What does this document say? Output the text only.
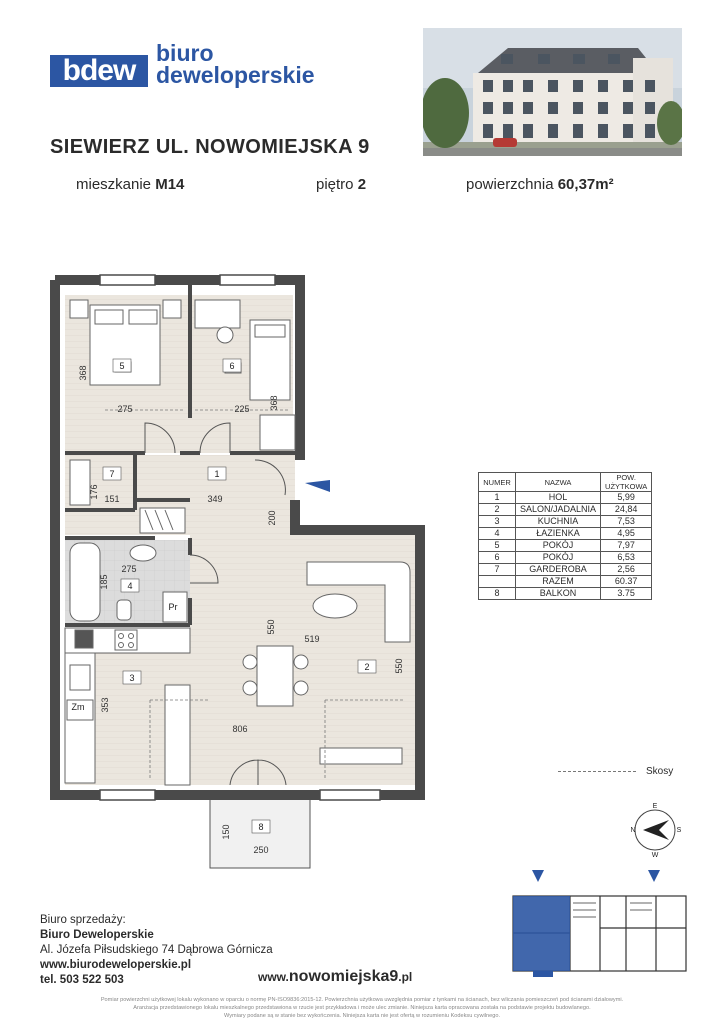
bdew
biuro
deweloperskie
SIEWIERZ UL. NOWOMIEJSKA 9
mieszkanie M14	piętro 2	powierzchnia 60,37m²
5	6
7	1
4
3
2
8
Pr
Zm
275	225
368
368
176 151	349
200
275
185
550
519
550
353
806
150
250
NUMER	NAZWA	POW. UŻYTKOWA
1	HOL	5,99
2	SALON/JADALNIA	24,84
3	KUCHNIA	7,53
4	ŁAZIENKA	4,95
5	POKÓJ	7,97
6	POKÓJ	6,53
7	GARDEROBA	2,56
	RAZEM	60.37
8	BALKON	3.75
Skosy
N
E
S
W
Biuro sprzedaży:
Biuro Deweloperskie
Al. Józefa Piłsudskiego 74 Dąbrowa Górnicza
www.biurodeweloperskie.pl
tel. 503 522 503	www.nowomiejska9.pl
Pomiar powierzchni użytkowej lokalu wykonano w oparciu o normę PN-ISO9836:2015-12. Powierzchnia użytkowa uwzględnia pomiar z tynkami na ścianach, bez wliczania pomieszczeń pod ścianami działowymi.
Aranżacja przedstawionego lokalu mieszkalnego przedstawiona w rzucie jest przykładowa i może ulec zmianie. Niniejsza karta opracowana została na podstawie projektu budowlanego.
Wymiary podane są w stanie bez wykończenia. Niniejsza karta nie jest ofertą w rozumieniu Kodeksu cywilnego.
